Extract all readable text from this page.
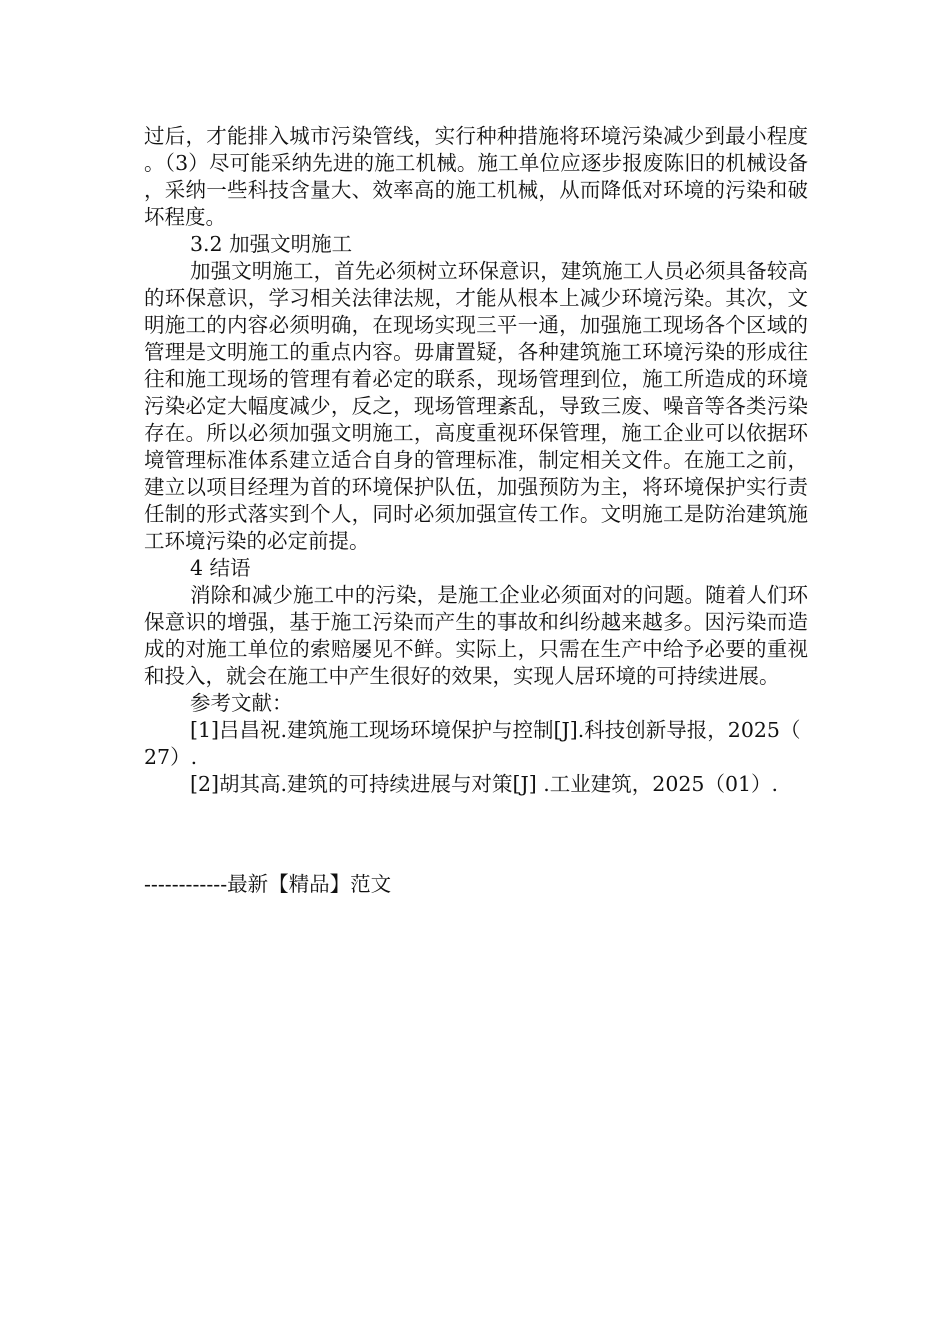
过后，才能排入城市污染管线，实行种种措施将环境污染减少到最小程度。（3）尽可能采纳先进的施工机械。施工单位应逐步报废陈旧的机械设备，采纳一些科技含量大、效率高的施工机械，从而降低对环境的污染和破坏程度。

3.2 加强文明施工

加强文明施工，首先必须树立环保意识，建筑施工人员必须具备较高的环保意识，学习相关法律法规，才能从根本上减少环境污染。其次，文明施工的内容必须明确，在现场实现三平一通，加强施工现场各个区域的管理是文明施工的重点内容。毋庸置疑，各种建筑施工环境污染的形成往往和施工现场的管理有着必定的联系，现场管理到位，施工所造成的环境污染必定大幅度减少，反之，现场管理紊乱，导致三废、噪音等各类污染存在。所以必须加强文明施工，高度重视环保管理，施工企业可以依据环境管理标准体系建立适合自身的管理标准，制定相关文件。在施工之前，建立以项目经理为首的环境保护队伍，加强预防为主，将环境保护实行责任制的形式落实到个人，同时必须加强宣传工作。文明施工是防治建筑施工环境污染的必定前提。

4 结语

消除和减少施工中的污染，是施工企业必须面对的问题。随着人们环保意识的增强，基于施工污染而产生的事故和纠纷越来越多。因污染而造成的对施工单位的索赔屡见不鲜。实际上，只需在生产中给予必要的重视和投入，就会在施工中产生很好的效果，实现人居环境的可持续进展。

参考文献：

[1]吕昌祝.建筑施工现场环境保护与控制[J].科技创新导报，2025（27）.

[2]胡其高.建筑的可持续进展与对策[J] .工业建筑，2025（01）.

------------最新【精品】范文
